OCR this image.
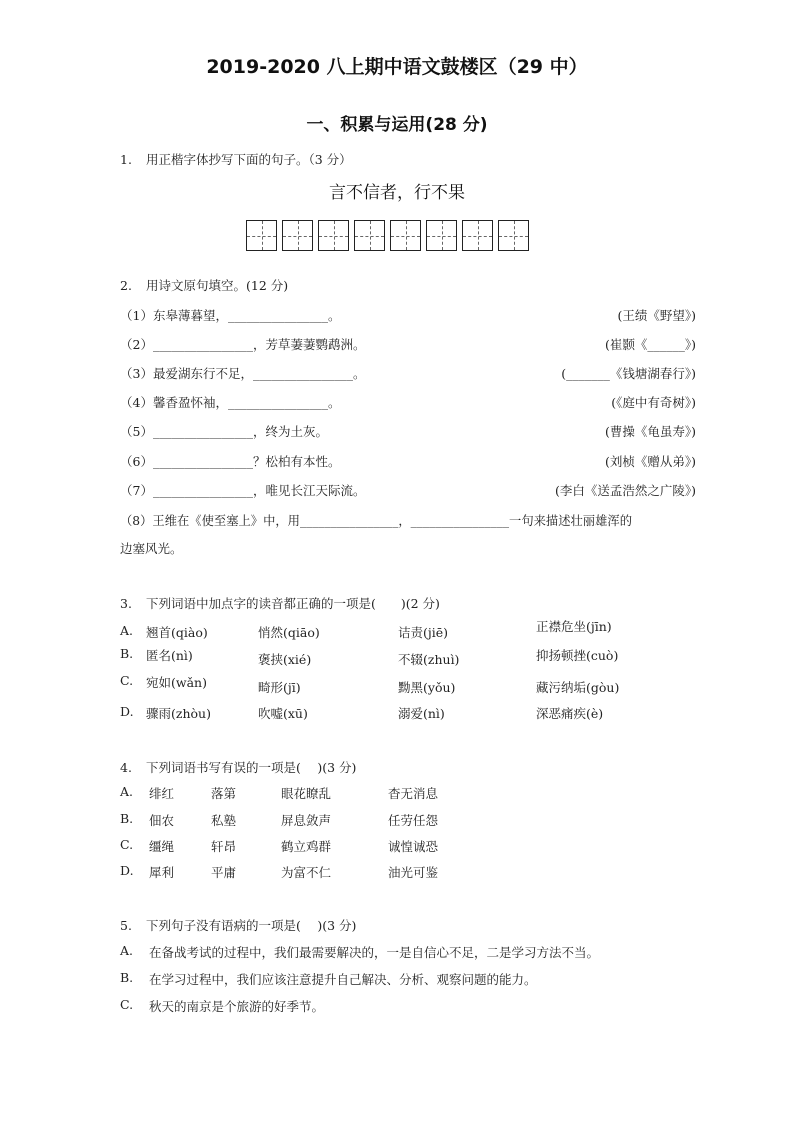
2019-2020 八上期中语文鼓楼区（29 中）
一、积累与运用(28 分)
1. 用正楷字体抄写下面的句子。（3 分）
言不信者，行不果
2. 用诗文原句填空。(12 分)
（1）东皋薄暮望，________________。	(王绩《野望》)
（2）________________，芳草萋萋鹦鹉洲。	(崔颢《______》)
（3）最爱湖东行不足，________________。	(_______《钱塘湖春行》)
（4）馨香盈怀袖，________________。	(《庭中有奇树》)
（5）________________，终为土灰。	(曹操《龟虽寿》)
（6）________________？松柏有本性。	(刘桢《赠从弟》)
（7）________________，唯见长江天际流。	(李白《送孟浩然之广陵》)
（8）王维在《使至塞上》中，用________________，________________一句来描述壮丽雄浑的
边塞风光。
3. 下列词语中加点字的读音都正确的一项是(　　)(2 分)
A. 翘首(qiào)	悄然(qiāo)	诘责(jiē)	正襟危坐(jīn)
B. 匿名(nì)	褒挟(xié)	不辍(zhuì)	抑扬顿挫(cuò)
C. 宛如(wǎn)	畸形(jī)	黝黑(yǒu)	藏污纳垢(gòu)
D. 骤雨(zhòu)	吹嘘(xū)	溺爱(nì)	深恶痛疾(è)
4. 下列词语书写有误的一项是(　 )(3 分)
A. 绯红	落第	眼花瞭乱	杳无消息
B. 佃农	私塾	屏息敛声	任劳任怨
C. 缰绳	轩昂	鹤立鸡群	诚惶诚恐
D. 犀利	平庸	为富不仁	油光可鉴
5. 下列句子没有语病的一项是(　 )(3 分)
A. 在备战考试的过程中，我们最需要解决的，一是自信心不足，二是学习方法不当。
B. 在学习过程中，我们应该注意提升自己解决、分析、观察问题的能力。
C. 秋天的南京是个旅游的好季节。
